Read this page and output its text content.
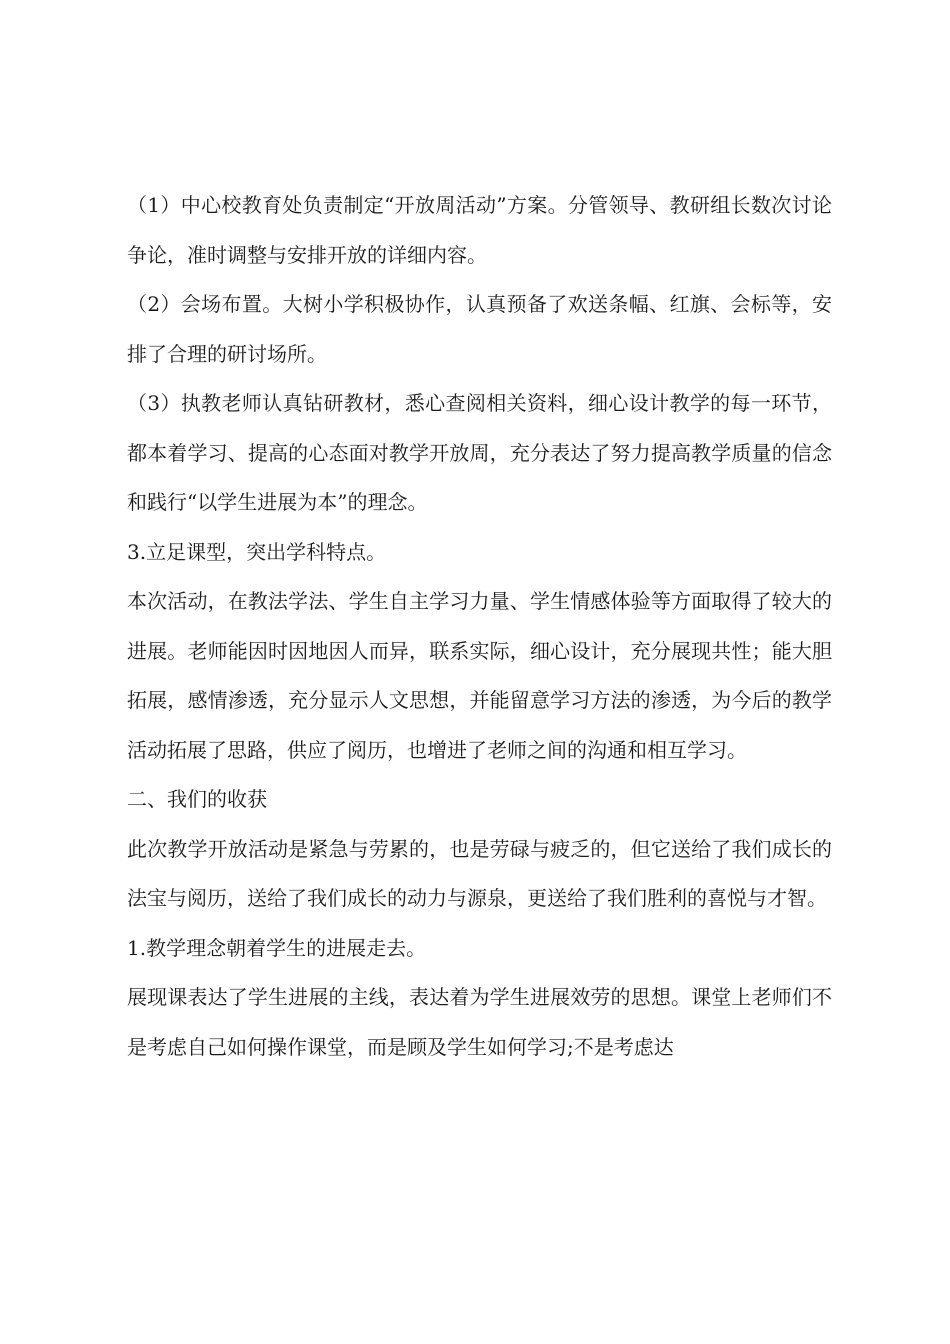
（1）中心校教育处负责制定“开放周活动”方案。分管领导、教研组长数次讨论争论，准时调整与安排开放的详细内容。

（2）会场布置。大树小学积极协作，认真预备了欢送条幅、红旗、会标等，安排了合理的研讨场所。

（3）执教老师认真钻研教材，悉心查阅相关资料，细心设计教学的每一环节，都本着学习、提高的心态面对教学开放周，充分表达了努力提高教学质量的信念和践行“以学生进展为本”的理念。

3.立足课型，突出学科特点。

本次活动，在教法学法、学生自主学习力量、学生情感体验等方面取得了较大的进展。老师能因时因地因人而异，联系实际，细心设计，充分展现共性；能大胆拓展，感情渗透，充分显示人文思想，并能留意学习方法的渗透，为今后的教学活动拓展了思路，供应了阅历，也增进了老师之间的沟通和相互学习。

二、我们的收获

此次教学开放活动是紧急与劳累的，也是劳碌与疲乏的，但它送给了我们成长的法宝与阅历，送给了我们成长的动力与源泉，更送给了我们胜利的喜悦与才智。

1.教学理念朝着学生的进展走去。

展现课表达了学生进展的主线，表达着为学生进展效劳的思想。课堂上老师们不是考虑自己如何操作课堂，而是顾及学生如何学习;不是考虑达
